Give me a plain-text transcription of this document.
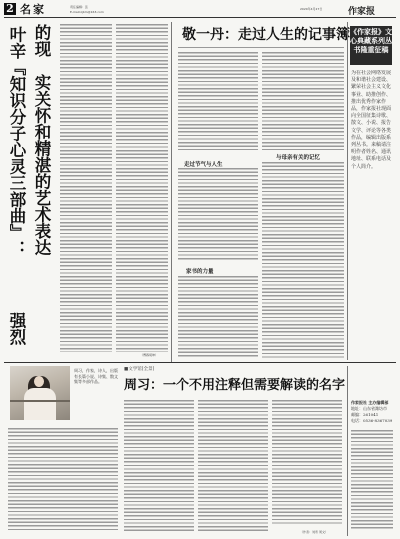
2 名家	责任编辑：张
E-mail:zjbm@163.com
2020年4月27日	作家报
叶辛『知识分子心灵三部曲』： 实关怀和精湛的艺术表达
的现
强烈
（傅蓉胡坤）
敬一丹：走过人生的记事簿
走过节气与人生
与母亲有关的记忆
家书的力量
《作家报》文心典藏系列丛书隆重征稿
为在社会网络发展及和谐社会建设、繁荣社会主义文化事业、助推创作、推出优秀作家作品，作家报社现面向全国征集诗歌、散文、小说、报告文学、评论等各类作品，编辑出版系列丛书。来稿请注明作者姓名、通讯地址、联系电话及个人简介。
周习，作家，诗人，出版有长篇小说、诗集、散文集等多部作品。
■文学馆[全景]
周习：一个不用注释但需要解读的名字
（作者：刘奇 周文）
作家报社 主办编辑部
地址：山东省潍坊市
邮编：261041
电话：0536-8367039
